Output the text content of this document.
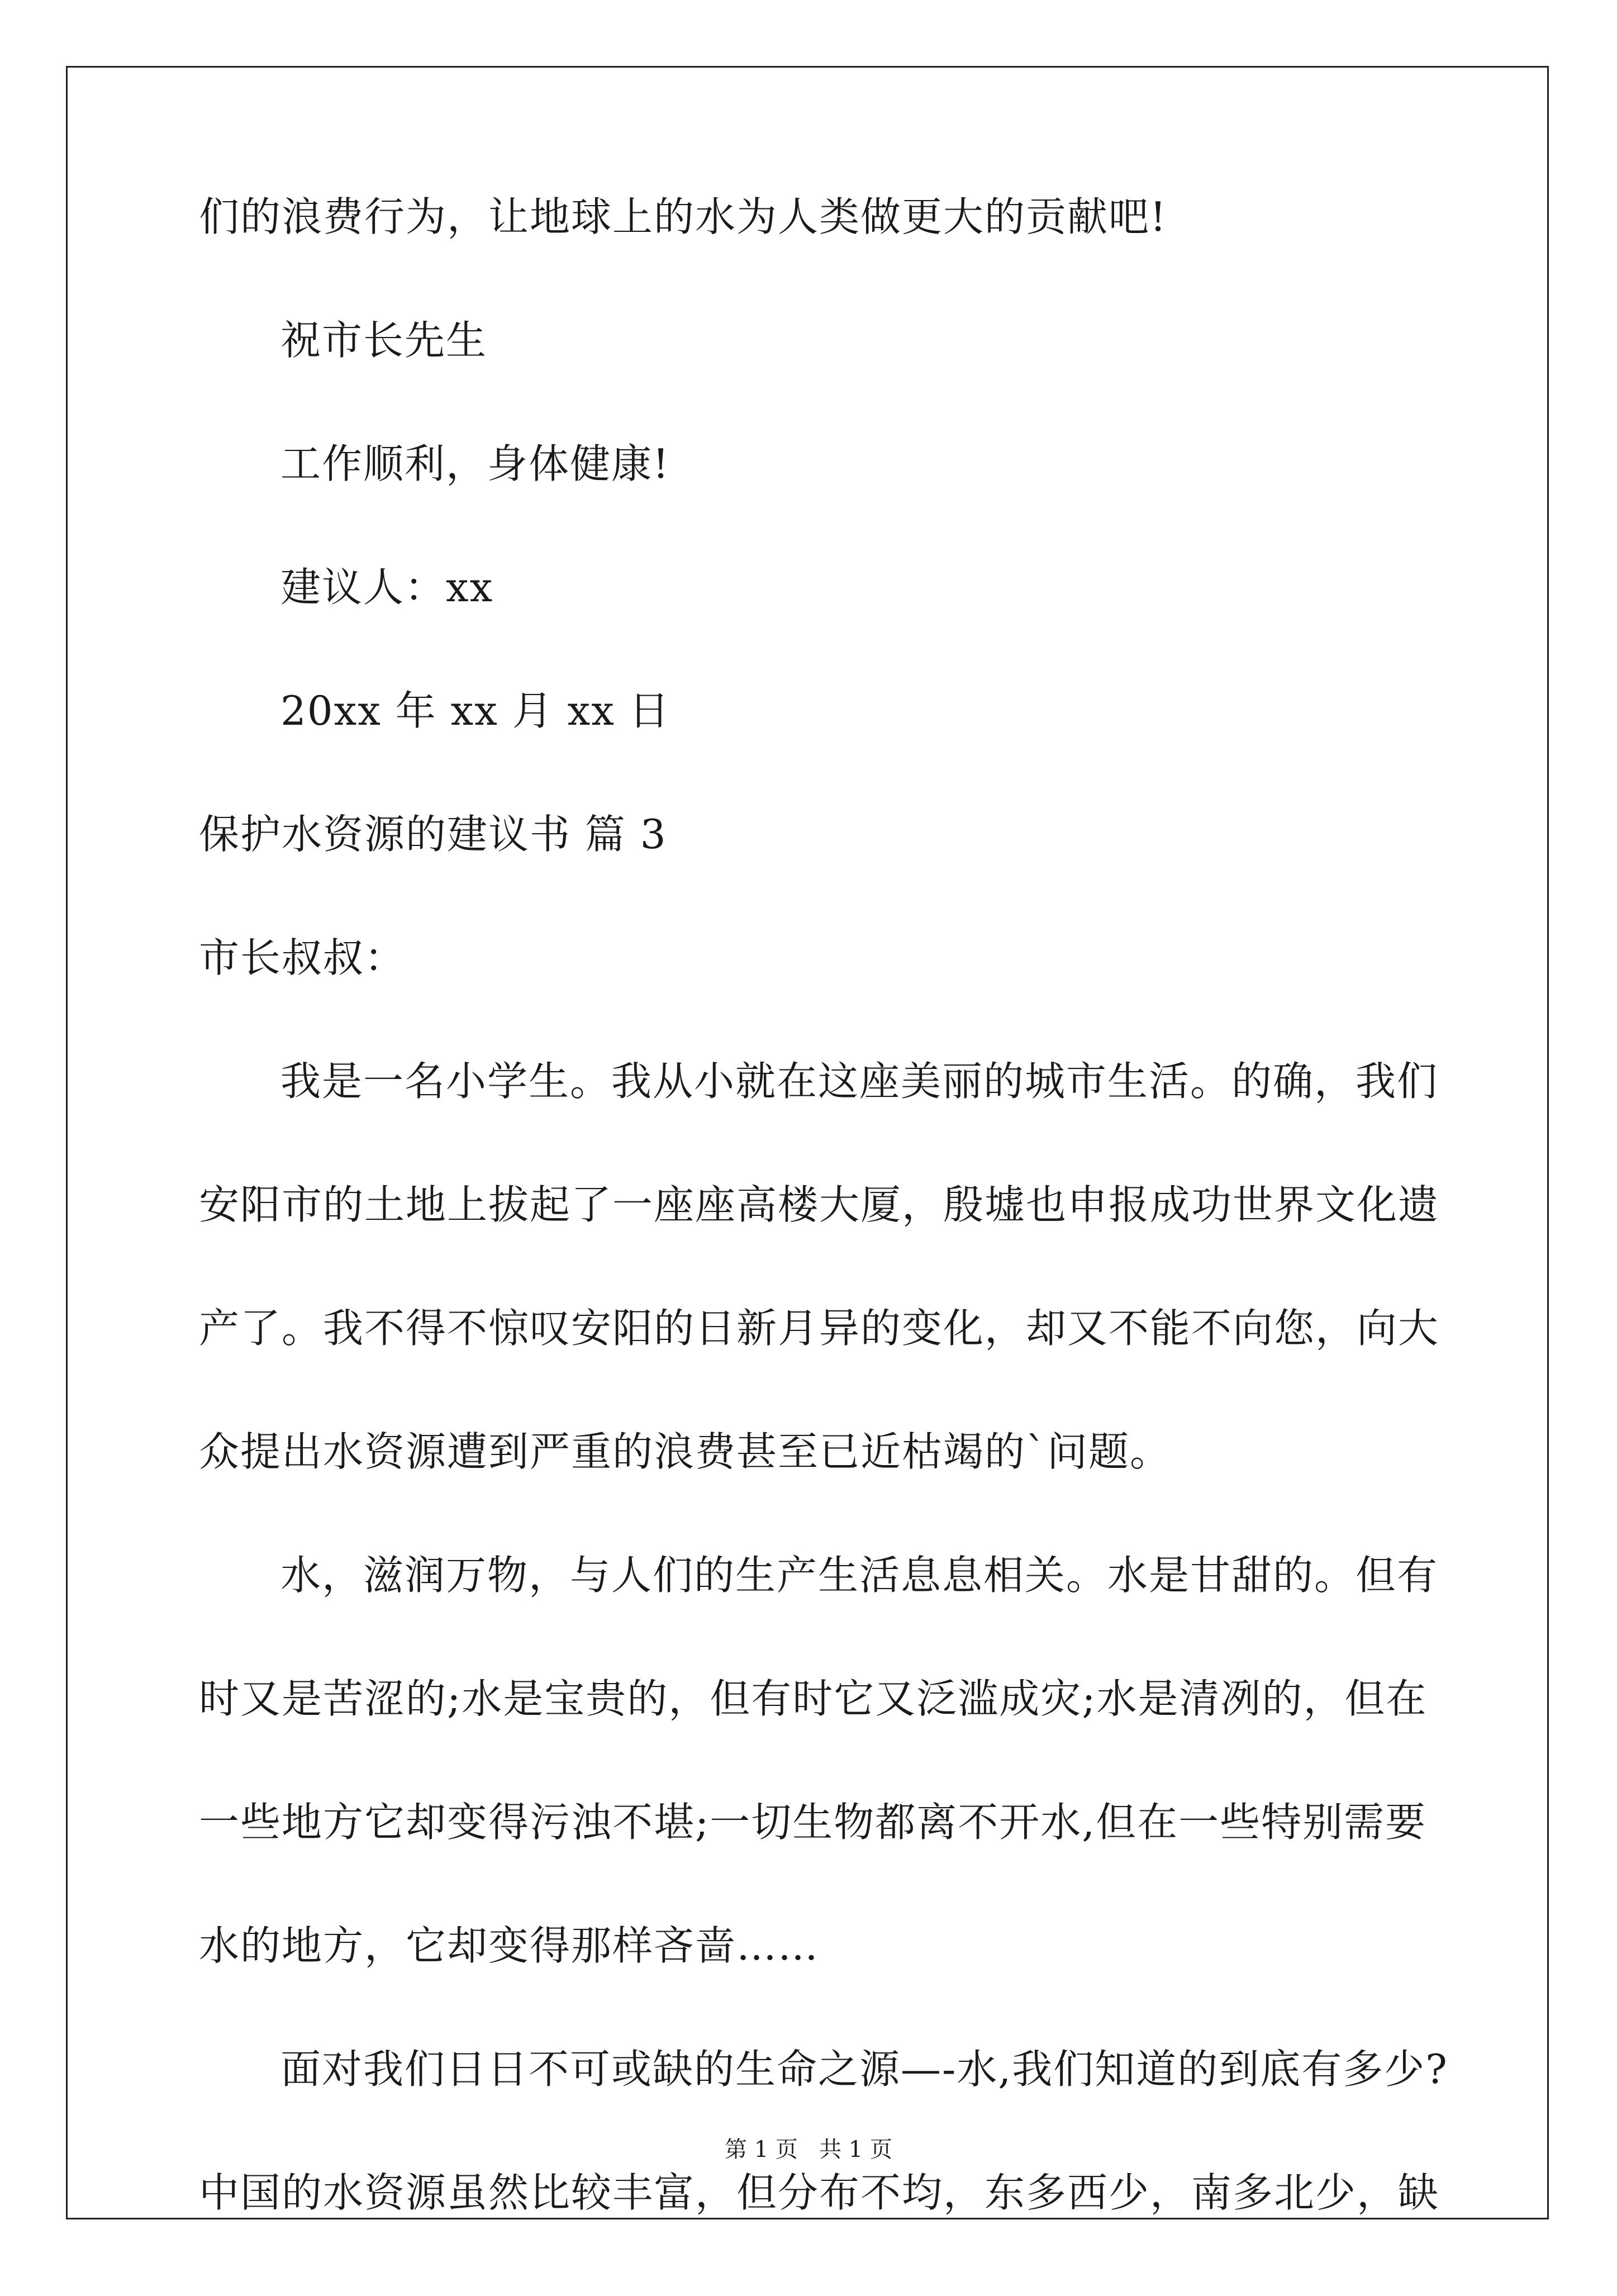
们的浪费行为，让地球上的水为人类做更大的贡献吧!
祝市长先生
工作顺利，身体健康!
建议人：xx
20xx 年 xx 月 xx 日
保护水资源的建议书 篇 3
市长叔叔：
我是一名小学生。我从小就在这座美丽的城市生活。的确，我们
安阳市的土地上拔起了一座座高楼大厦，殷墟也申报成功世界文化遗
产了。我不得不惊叹安阳的日新月异的变化，却又不能不向您，向大
众提出水资源遭到严重的浪费甚至已近枯竭的`问题。
水，滋润万物，与人们的生产生活息息相关。水是甘甜的。但有
时又是苦涩的;水是宝贵的，但有时它又泛滥成灾;水是清冽的，但在
一些地方它却变得污浊不堪;一切生物都离不开水,但在一些特别需要
水的地方，它却变得那样吝啬……
面对我们日日不可或缺的生命之源—-水,我们知道的到底有多少?
中国的水资源虽然比较丰富，但分布不均，东多西少，南多北少，缺
第 1 页   共 1 页
